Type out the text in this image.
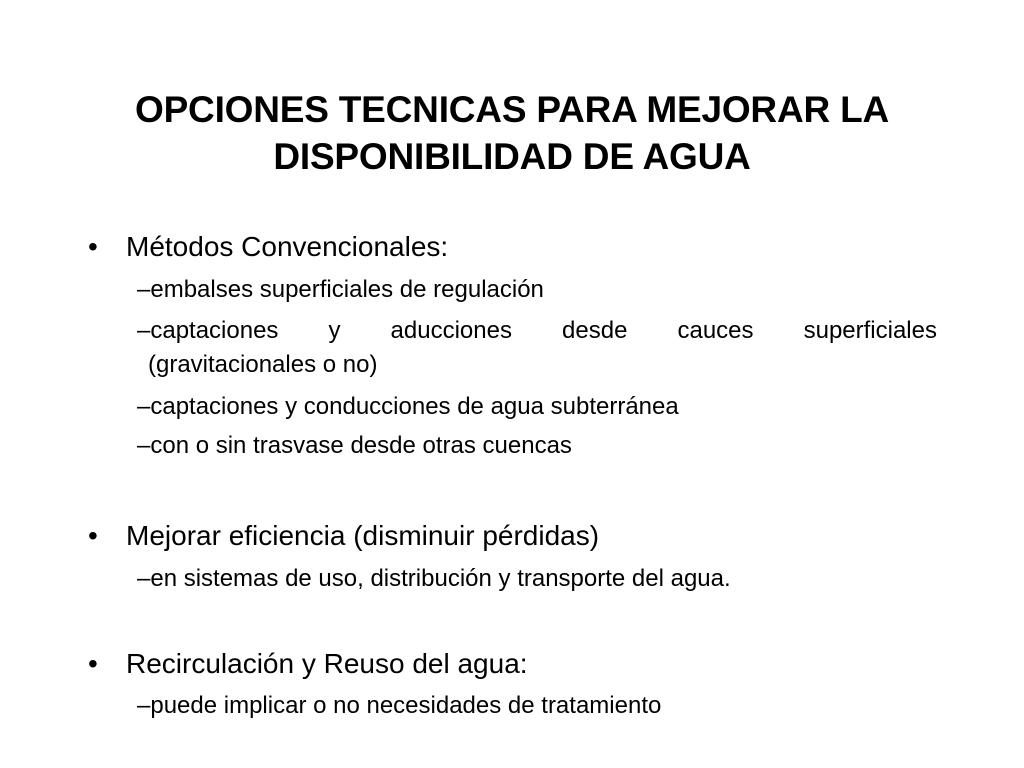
OPCIONES TECNICAS PARA MEJORAR LA
DISPONIBILIDAD DE AGUA
• Métodos Convencionales:
–embalses superficiales de regulación
–captaciones y aducciones desde cauces superficiales
(gravitacionales o no)
–captaciones y conducciones de agua subterránea
–con o sin trasvase desde otras cuencas
• Mejorar eficiencia (disminuir pérdidas)
–en sistemas de uso, distribución y transporte del agua.
• Recirculación y Reuso del agua:
–puede implicar o no necesidades de tratamiento
